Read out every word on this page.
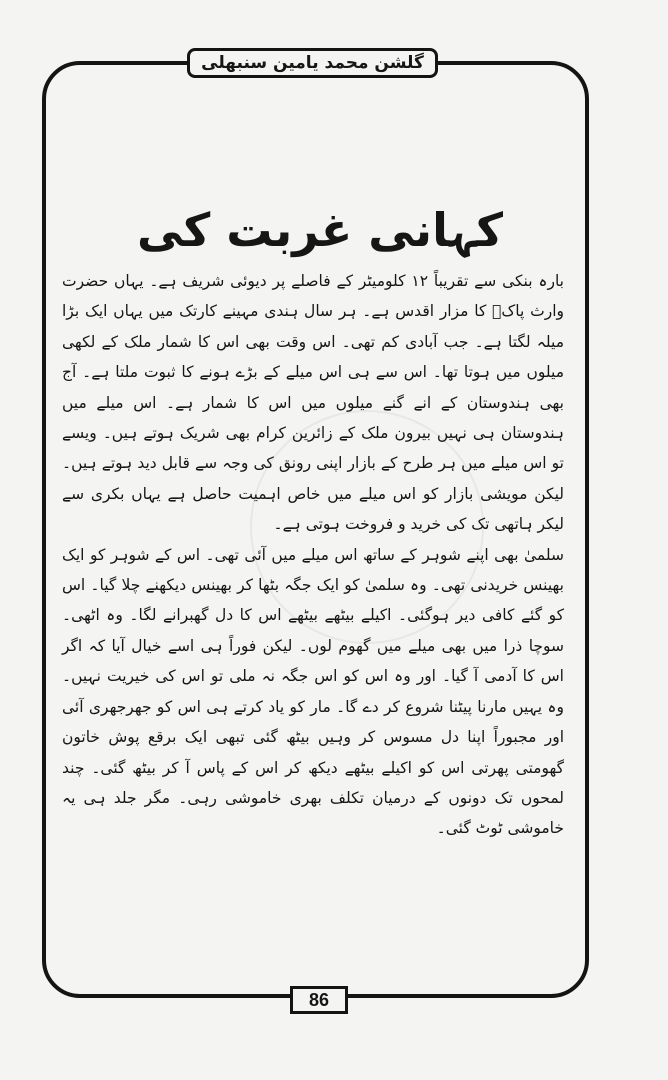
گلشن محمد یامین سنبھلی
کہانی غربت کی

بارہ بنکی سے تقریباً ۱۲ کلومیٹر کے فاصلے پر دیوئی شریف ہے۔ یہاں حضرت وارث پاکؒ کا مزار اقدس ہے۔ ہر سال ہندی مہینے کارتک میں یہاں ایک بڑا میلہ لگتا ہے۔ جب آبادی کم تھی۔ اس وقت بھی اس کا شمار ملک کے لکھی میلوں میں ہوتا تھا۔ اس سے ہی اس میلے کے بڑے ہونے کا ثبوت ملتا ہے۔ آج بھی ہندوستان کے انے گنے میلوں میں اس کا شمار ہے۔ اس میلے میں ہندوستان ہی نہیں بیرون ملک کے زائرین کرام بھی شریک ہوتے ہیں۔ ویسے تو اس میلے میں ہر طرح کے بازار اپنی رونق کی وجہ سے قابل دید ہوتے ہیں۔ لیکن مویشی بازار کو اس میلے میں خاص اہمیت حاصل ہے یہاں بکری سے لیکر ہاتھی تک کی خرید و فروخت ہوتی ہے۔

سلمیٰ بھی اپنے شوہر کے ساتھ اس میلے میں آئی تھی۔ اس کے شوہر کو ایک بھینس خریدنی تھی۔ وہ سلمیٰ کو ایک جگہ بٹھا کر بھینس دیکھنے چلا گیا۔ اس کو گئے کافی دیر ہوگئی۔ اکیلے بیٹھے بیٹھے اس کا دل گھبرانے لگا۔ وہ اٹھی۔ سوچا ذرا میں بھی میلے میں گھوم لوں۔ لیکن فوراً ہی اسے خیال آیا کہ اگر اس کا آدمی آ گیا۔ اور وہ اس کو اس جگہ نہ ملی تو اس کی خیریت نہیں۔ وہ یہیں مارنا پیٹنا شروع کر دے گا۔ مار کو یاد کرتے ہی اس کو جھرجھری آئی اور مجبوراً اپنا دل مسوس کر وہیں بیٹھ گئی تبھی ایک برقع پوش خاتون گھومتی پھرتی اس کو اکیلے بیٹھے دیکھ کر اس کے پاس آ کر بیٹھ گئی۔ چند لمحوں تک دونوں کے درمیان تکلف بھری خاموشی رہی۔ مگر جلد ہی یہ خاموشی ٹوٹ گئی۔

86
